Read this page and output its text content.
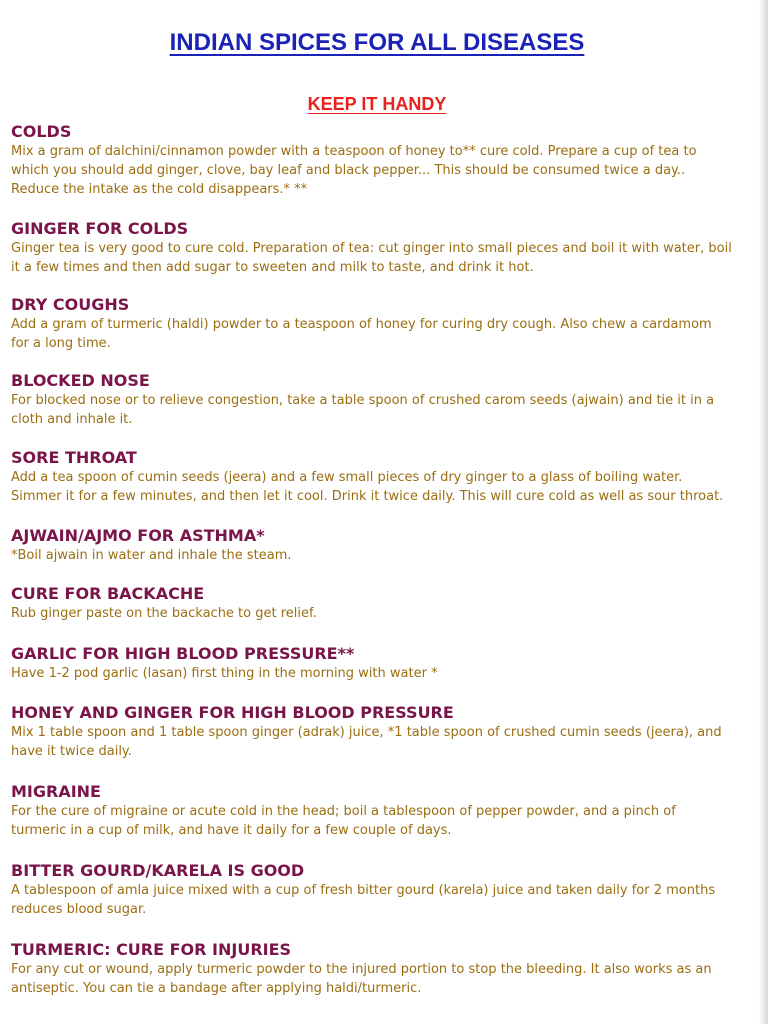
INDIAN SPICES FOR ALL DISEASES
KEEP IT HANDY
COLDS
Mix a gram of dalchini/cinnamon powder with a teaspoon of honey to** cure cold. Prepare a cup of tea to
which you should add ginger, clove, bay leaf and black pepper... This should be consumed twice a day..
Reduce the intake as the cold disappears.* **
GINGER FOR COLDS
Ginger tea is very good to cure cold. Preparation of tea: cut ginger into small pieces and boil it with water, boil
it a few times and then add sugar to sweeten and milk to taste, and drink it hot.
DRY COUGHS
Add a gram of turmeric (haldi) powder to a teaspoon of honey for curing dry cough. Also chew a cardamom
for a long time.
BLOCKED NOSE
For blocked nose or to relieve congestion, take a table spoon of crushed carom seeds (ajwain) and tie it in a
cloth and inhale it.
SORE THROAT
Add a tea spoon of cumin seeds (jeera) and a few small pieces of dry ginger to a glass of boiling water.
Simmer it for a few minutes, and then let it cool. Drink it twice daily. This will cure cold as well as sour throat.
AJWAIN/AJMO FOR ASTHMA*
*Boil ajwain in water and inhale the steam.
CURE FOR BACKACHE
Rub ginger paste on the backache to get relief.
GARLIC FOR HIGH BLOOD PRESSURE**
Have 1-2 pod garlic (lasan) first thing in the morning with water *
HONEY AND GINGER FOR HIGH BLOOD PRESSURE
Mix 1 table spoon and 1 table spoon ginger (adrak) juice, *1 table spoon of crushed cumin seeds (jeera), and
have it twice daily.
MIGRAINE
For the cure of migraine or acute cold in the head; boil a tablespoon of pepper powder, and a pinch of
turmeric in a cup of milk, and have it daily for a few couple of days.
BITTER GOURD/KARELA IS GOOD
A tablespoon of amla juice mixed with a cup of fresh bitter gourd (karela) juice and taken daily for 2 months
reduces blood sugar.
TURMERIC: CURE FOR INJURIES
For any cut or wound, apply turmeric powder to the injured portion to stop the bleeding. It also works as an
antiseptic. You can tie a bandage after applying haldi/turmeric.
